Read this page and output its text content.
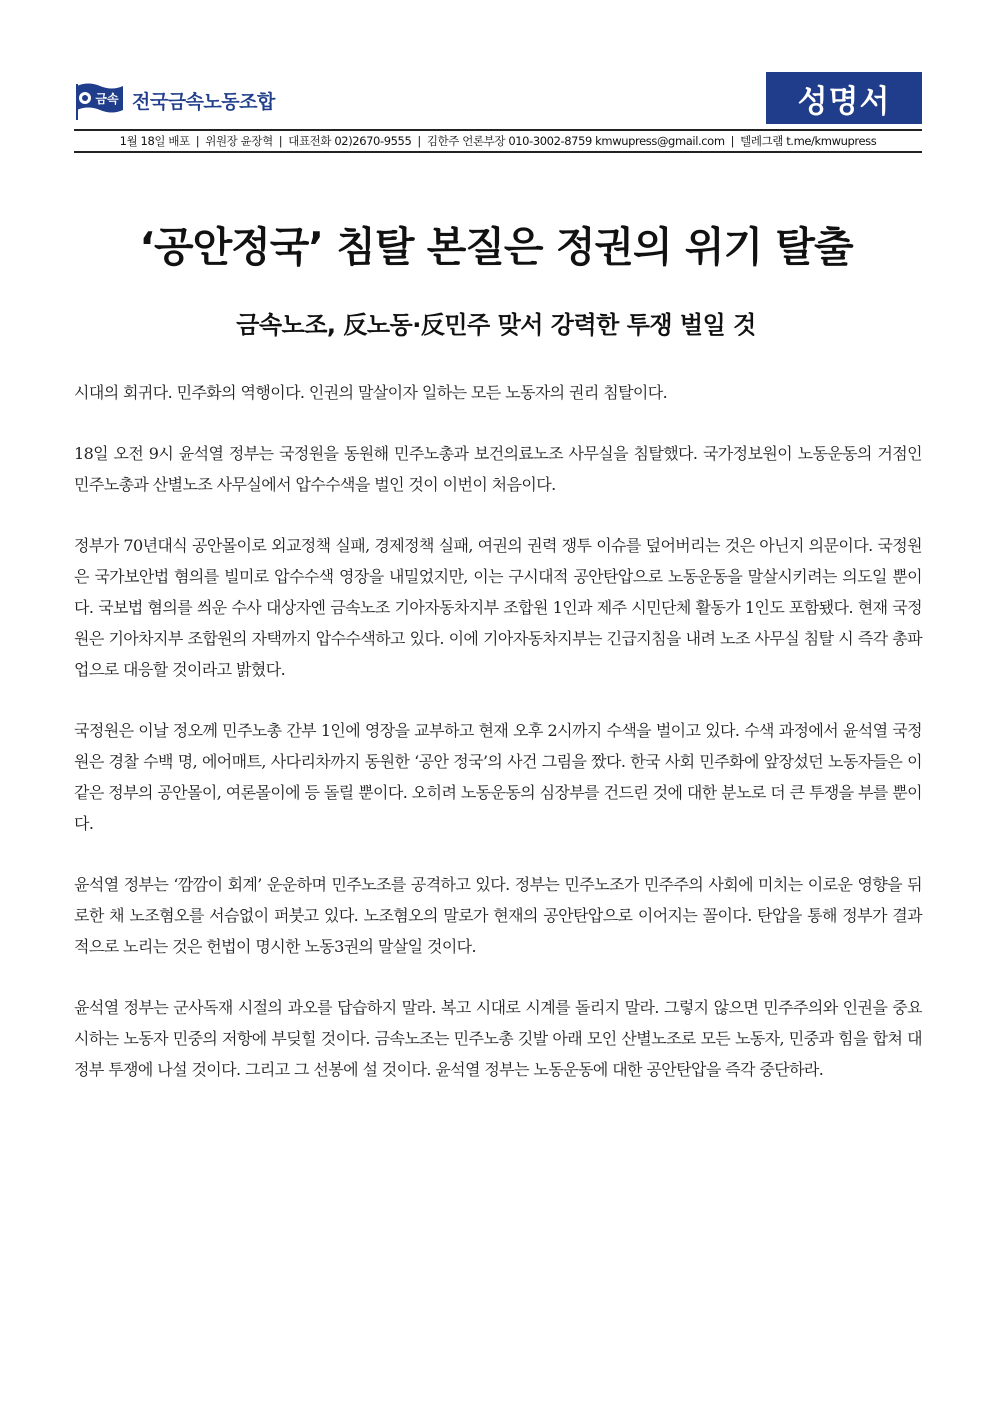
금속 전국금속노동조합	성명서
1월 18일 배포 | 위원장 윤장혁 | 대표전화 02)2670-9555 | 김한주 언론부장 010-3002-8759 kmwupress@gmail.com | 텔레그램 t.me/kmwupress
‘공안정국’ 침탈 본질은 정권의 위기 탈출
금속노조, 反노동·反민주 맞서 강력한 투쟁 벌일 것

시대의 회귀다. 민주화의 역행이다. 인권의 말살이자 일하는 모든 노동자의 권리 침탈이다.

18일 오전 9시 윤석열 정부는 국정원을 동원해 민주노총과 보건의료노조 사무실을 침탈했다. 국가정보원이 노동운동의 거점인 민주노총과 산별노조 사무실에서 압수수색을 벌인 것이 이번이 처음이다.

정부가 70년대식 공안몰이로 외교정책 실패, 경제정책 실패, 여권의 권력 쟁투 이슈를 덮어버리는 것은 아닌지 의문이다. 국정원은 국가보안법 혐의를 빌미로 압수수색 영장을 내밀었지만, 이는 구시대적 공안탄압으로 노동운동을 말살시키려는 의도일 뿐이다. 국보법 혐의를 씌운 수사 대상자엔 금속노조 기아자동차지부 조합원 1인과 제주 시민단체 활동가 1인도 포함됐다. 현재 국정원은 기아차지부 조합원의 자택까지 압수수색하고 있다. 이에 기아자동차지부는 긴급지침을 내려 노조 사무실 침탈 시 즉각 총파업으로 대응할 것이라고 밝혔다.

국정원은 이날 정오께 민주노총 간부 1인에 영장을 교부하고 현재 오후 2시까지 수색을 벌이고 있다. 수색 과정에서 윤석열 국정원은 경찰 수백 명, 에어매트, 사다리차까지 동원한 ‘공안 정국’의 사건 그림을 짰다. 한국 사회 민주화에 앞장섰던 노동자들은 이 같은 정부의 공안몰이, 여론몰이에 등 돌릴 뿐이다. 오히려 노동운동의 심장부를 건드린 것에 대한 분노로 더 큰 투쟁을 부를 뿐이다.

윤석열 정부는 ‘깜깜이 회계’ 운운하며 민주노조를 공격하고 있다. 정부는 민주노조가 민주주의 사회에 미치는 이로운 영향을 뒤로한 채 노조혐오를 서슴없이 퍼붓고 있다. 노조혐오의 말로가 현재의 공안탄압으로 이어지는 꼴이다. 탄압을 통해 정부가 결과적으로 노리는 것은 헌법이 명시한 노동3권의 말살일 것이다.

윤석열 정부는 군사독재 시절의 과오를 답습하지 말라. 복고 시대로 시계를 돌리지 말라. 그렇지 않으면 민주주의와 인권을 중요시하는 노동자 민중의 저항에 부딪힐 것이다. 금속노조는 민주노총 깃발 아래 모인 산별노조로 모든 노동자, 민중과 힘을 합쳐 대정부 투쟁에 나설 것이다. 그리고 그 선봉에 설 것이다. 윤석열 정부는 노동운동에 대한 공안탄압을 즉각 중단하라.
